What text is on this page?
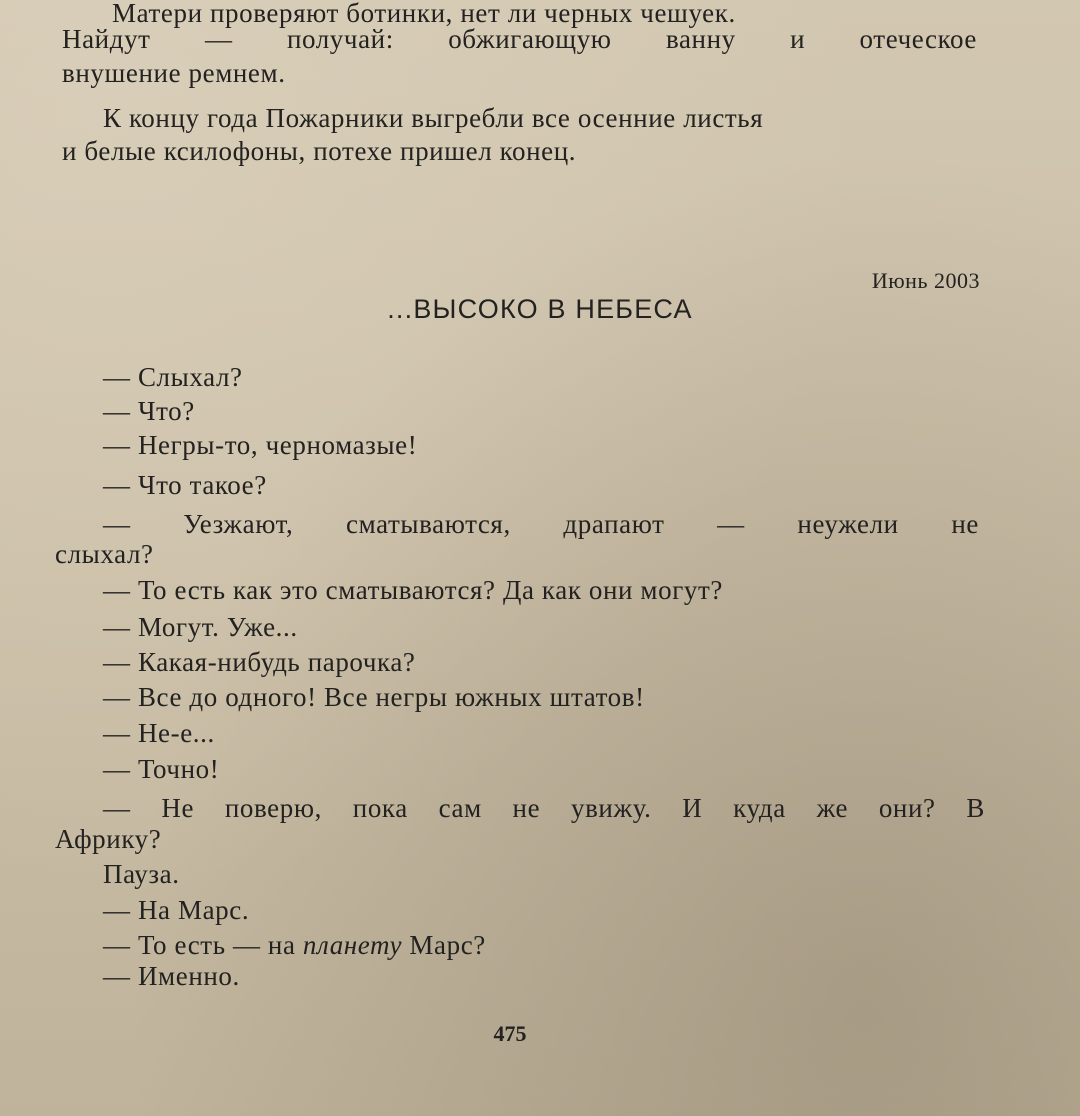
Матери проверяют ботинки, нет ли черных чешуек.
Найдут — получай: обжигающую ванну и отеческое
внушение ремнем.
К концу года Пожарники выгребли все осенние листья
и белые ксилофоны, потехе пришел конец.
Июнь 2003
...ВЫСОКО В НЕБЕСА
— Слыхал?
— Что?
— Негры-то, черномазые!
— Что такое?
— Уезжают, сматываются, драпают — неужели не
слыхал?
— То есть как это сматываются? Да как они могут?
— Могут. Уже...
— Какая-нибудь парочка?
— Все до одного! Все негры южных штатов!
— Не-е...
— Точно!
— Не поверю, пока сам не увижу. И куда же они? В
Африку?
Пауза.
— На Марс.
— То есть — на планету Марс?
— Именно.
475
